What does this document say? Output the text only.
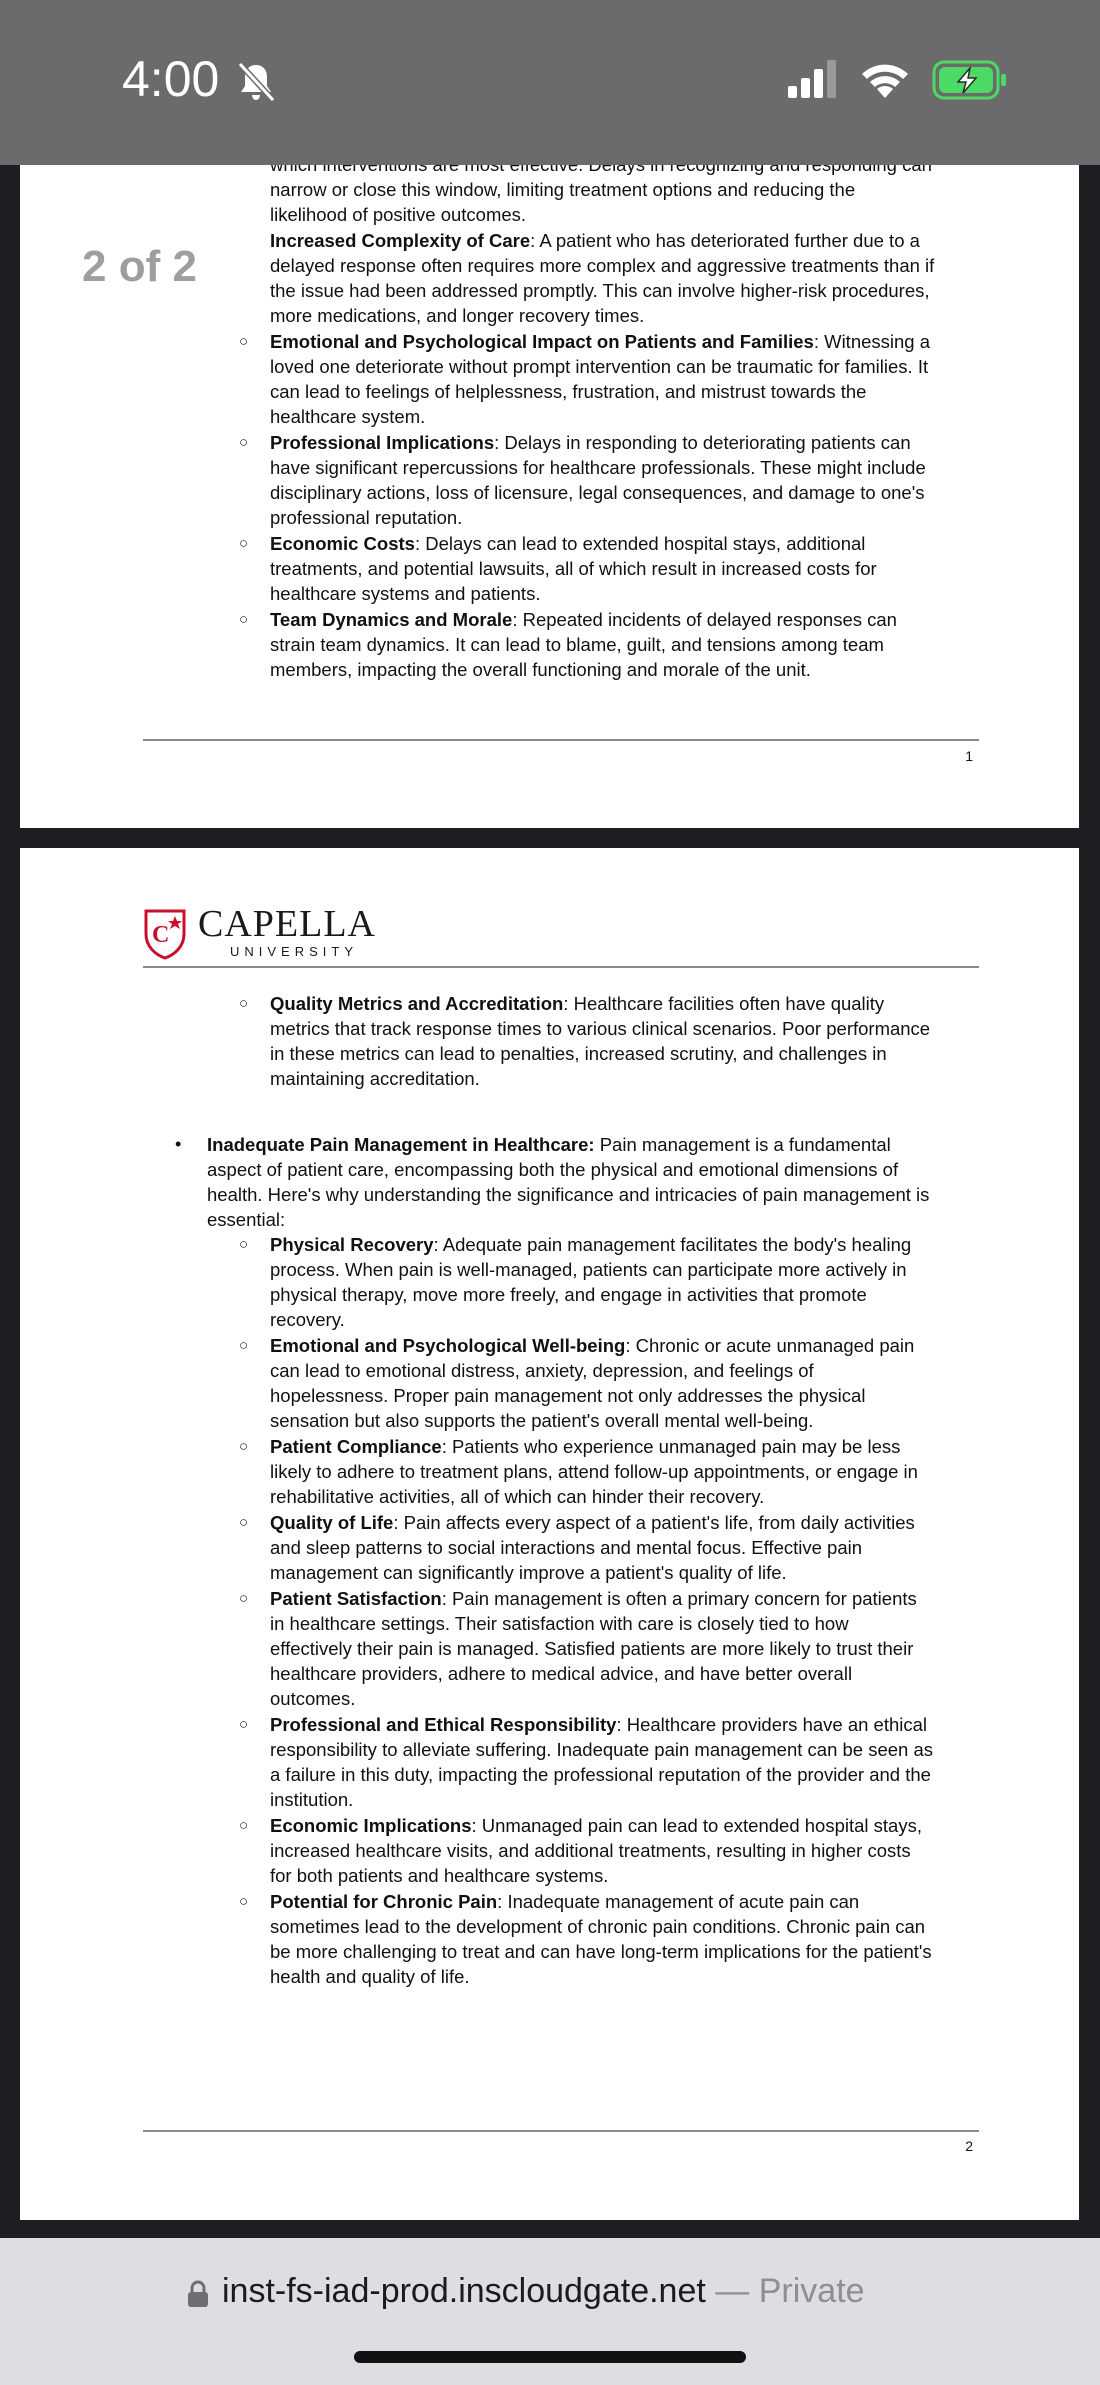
narrow or close this window, limiting treatment options and reducing the
likelihood of positive outcomes.
Increased Complexity of Care: A patient who has deteriorated further due to a
delayed response often requires more complex and aggressive treatments than if
the issue had been addressed promptly. This can involve higher-risk procedures,
more medications, and longer recovery times.
○ Emotional and Psychological Impact on Patients and Families: Witnessing a
loved one deteriorate without prompt intervention can be traumatic for families. It
can lead to feelings of helplessness, frustration, and mistrust towards the
healthcare system.
○ Professional Implications: Delays in responding to deteriorating patients can
have significant repercussions for healthcare professionals. These might include
disciplinary actions, loss of licensure, legal consequences, and damage to one's
professional reputation.
○ Economic Costs: Delays can lead to extended hospital stays, additional
treatments, and potential lawsuits, all of which result in increased costs for
healthcare systems and patients.
○ Team Dynamics and Morale: Repeated incidents of delayed responses can
strain team dynamics. It can lead to blame, guilt, and tensions among team
members, impacting the overall functioning and morale of the unit.
1
2 of 2
C CAPELLA
UNIVERSITY
○ Quality Metrics and Accreditation: Healthcare facilities often have quality
metrics that track response times to various clinical scenarios. Poor performance
in these metrics can lead to penalties, increased scrutiny, and challenges in
maintaining accreditation.
• Inadequate Pain Management in Healthcare: Pain management is a fundamental
aspect of patient care, encompassing both the physical and emotional dimensions of
health. Here's why understanding the significance and intricacies of pain management is
essential:
○ Physical Recovery: Adequate pain management facilitates the body's healing
process. When pain is well-managed, patients can participate more actively in
physical therapy, move more freely, and engage in activities that promote
recovery.
○ Emotional and Psychological Well-being: Chronic or acute unmanaged pain
can lead to emotional distress, anxiety, depression, and feelings of
hopelessness. Proper pain management not only addresses the physical
sensation but also supports the patient's overall mental well-being.
○ Patient Compliance: Patients who experience unmanaged pain may be less
likely to adhere to treatment plans, attend follow-up appointments, or engage in
rehabilitative activities, all of which can hinder their recovery.
○ Quality of Life: Pain affects every aspect of a patient's life, from daily activities
and sleep patterns to social interactions and mental focus. Effective pain
management can significantly improve a patient's quality of life.
○ Patient Satisfaction: Pain management is often a primary concern for patients
in healthcare settings. Their satisfaction with care is closely tied to how
effectively their pain is managed. Satisfied patients are more likely to trust their
healthcare providers, adhere to medical advice, and have better overall
outcomes.
○ Professional and Ethical Responsibility: Healthcare providers have an ethical
responsibility to alleviate suffering. Inadequate pain management can be seen as
a failure in this duty, impacting the professional reputation of the provider and the
institution.
○ Economic Implications: Unmanaged pain can lead to extended hospital stays,
increased healthcare visits, and additional treatments, resulting in higher costs
for both patients and healthcare systems.
○ Potential for Chronic Pain: Inadequate management of acute pain can
sometimes lead to the development of chronic pain conditions. Chronic pain can
be more challenging to treat and can have long-term implications for the patient's
health and quality of life.
2
4:00
inst-fs-iad-prod.inscloudgate.net — Private
